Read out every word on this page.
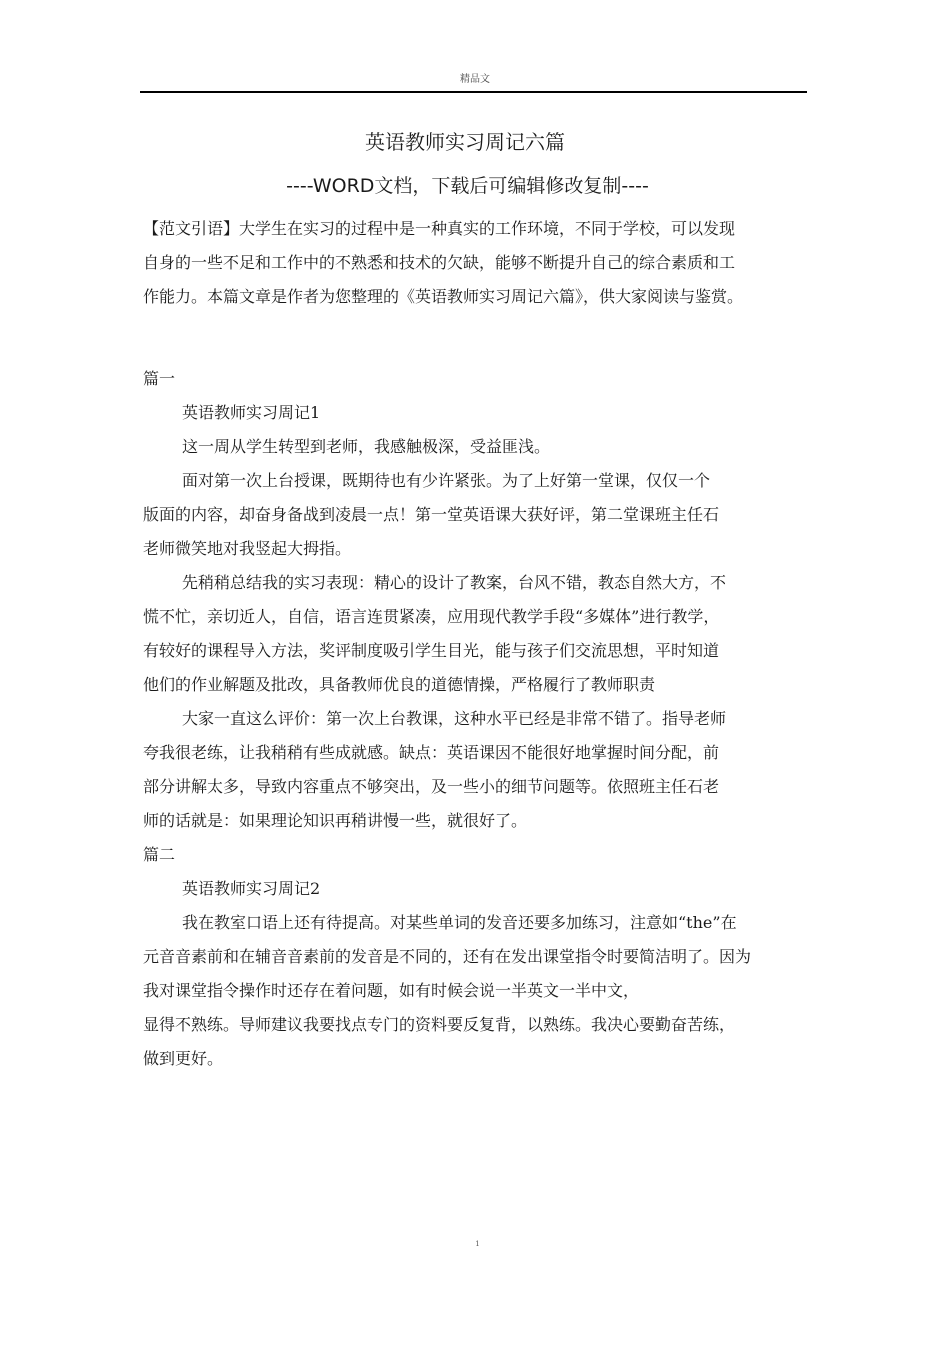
精品文
英语教师实习周记六篇
----WORD文档，下载后可编辑修改复制----
【范文引语】大学生在实习的过程中是一种真实的工作环境，不同于学校，可以发现
自身的一些不足和工作中的不熟悉和技术的欠缺，能够不断提升自己的综合素质和工
作能力。本篇文章是作者为您整理的《英语教师实习周记六篇》，供大家阅读与鉴赏。
篇一
英语教师实习周记1
这一周从学生转型到老师，我感触极深，受益匪浅。
面对第一次上台授课，既期待也有少许紧张。为了上好第一堂课，仅仅一个
版面的内容，却奋身备战到凌晨一点！第一堂英语课大获好评，第二堂课班主任石
老师微笑地对我竖起大拇指。
先稍稍总结我的实习表现：精心的设计了教案，台风不错，教态自然大方，不
慌不忙，亲切近人，自信，语言连贯紧凑，应用现代教学手段“多媒体”进行教学，
有较好的课程导入方法，奖评制度吸引学生目光，能与孩子们交流思想，平时知道
他们的作业解题及批改，具备教师优良的道德情操，严格履行了教师职责
大家一直这么评价：第一次上台教课，这种水平已经是非常不错了。指导老师
夸我很老练，让我稍稍有些成就感。缺点：英语课因不能很好地掌握时间分配，前
部分讲解太多，导致内容重点不够突出，及一些小的细节问题等。依照班主任石老
师的话就是：如果理论知识再稍讲慢一些，就很好了。
篇二
英语教师实习周记2
我在教室口语上还有待提高。对某些单词的发音还要多加练习，注意如“the”在
元音音素前和在辅音音素前的发音是不同的，还有在发出课堂指令时要简洁明了。因为
我对课堂指令操作时还存在着问题，如有时候会说一半英文一半中文，
显得不熟练。导师建议我要找点专门的资料要反复背，以熟练。我决心要勤奋苦练，
做到更好。
1
